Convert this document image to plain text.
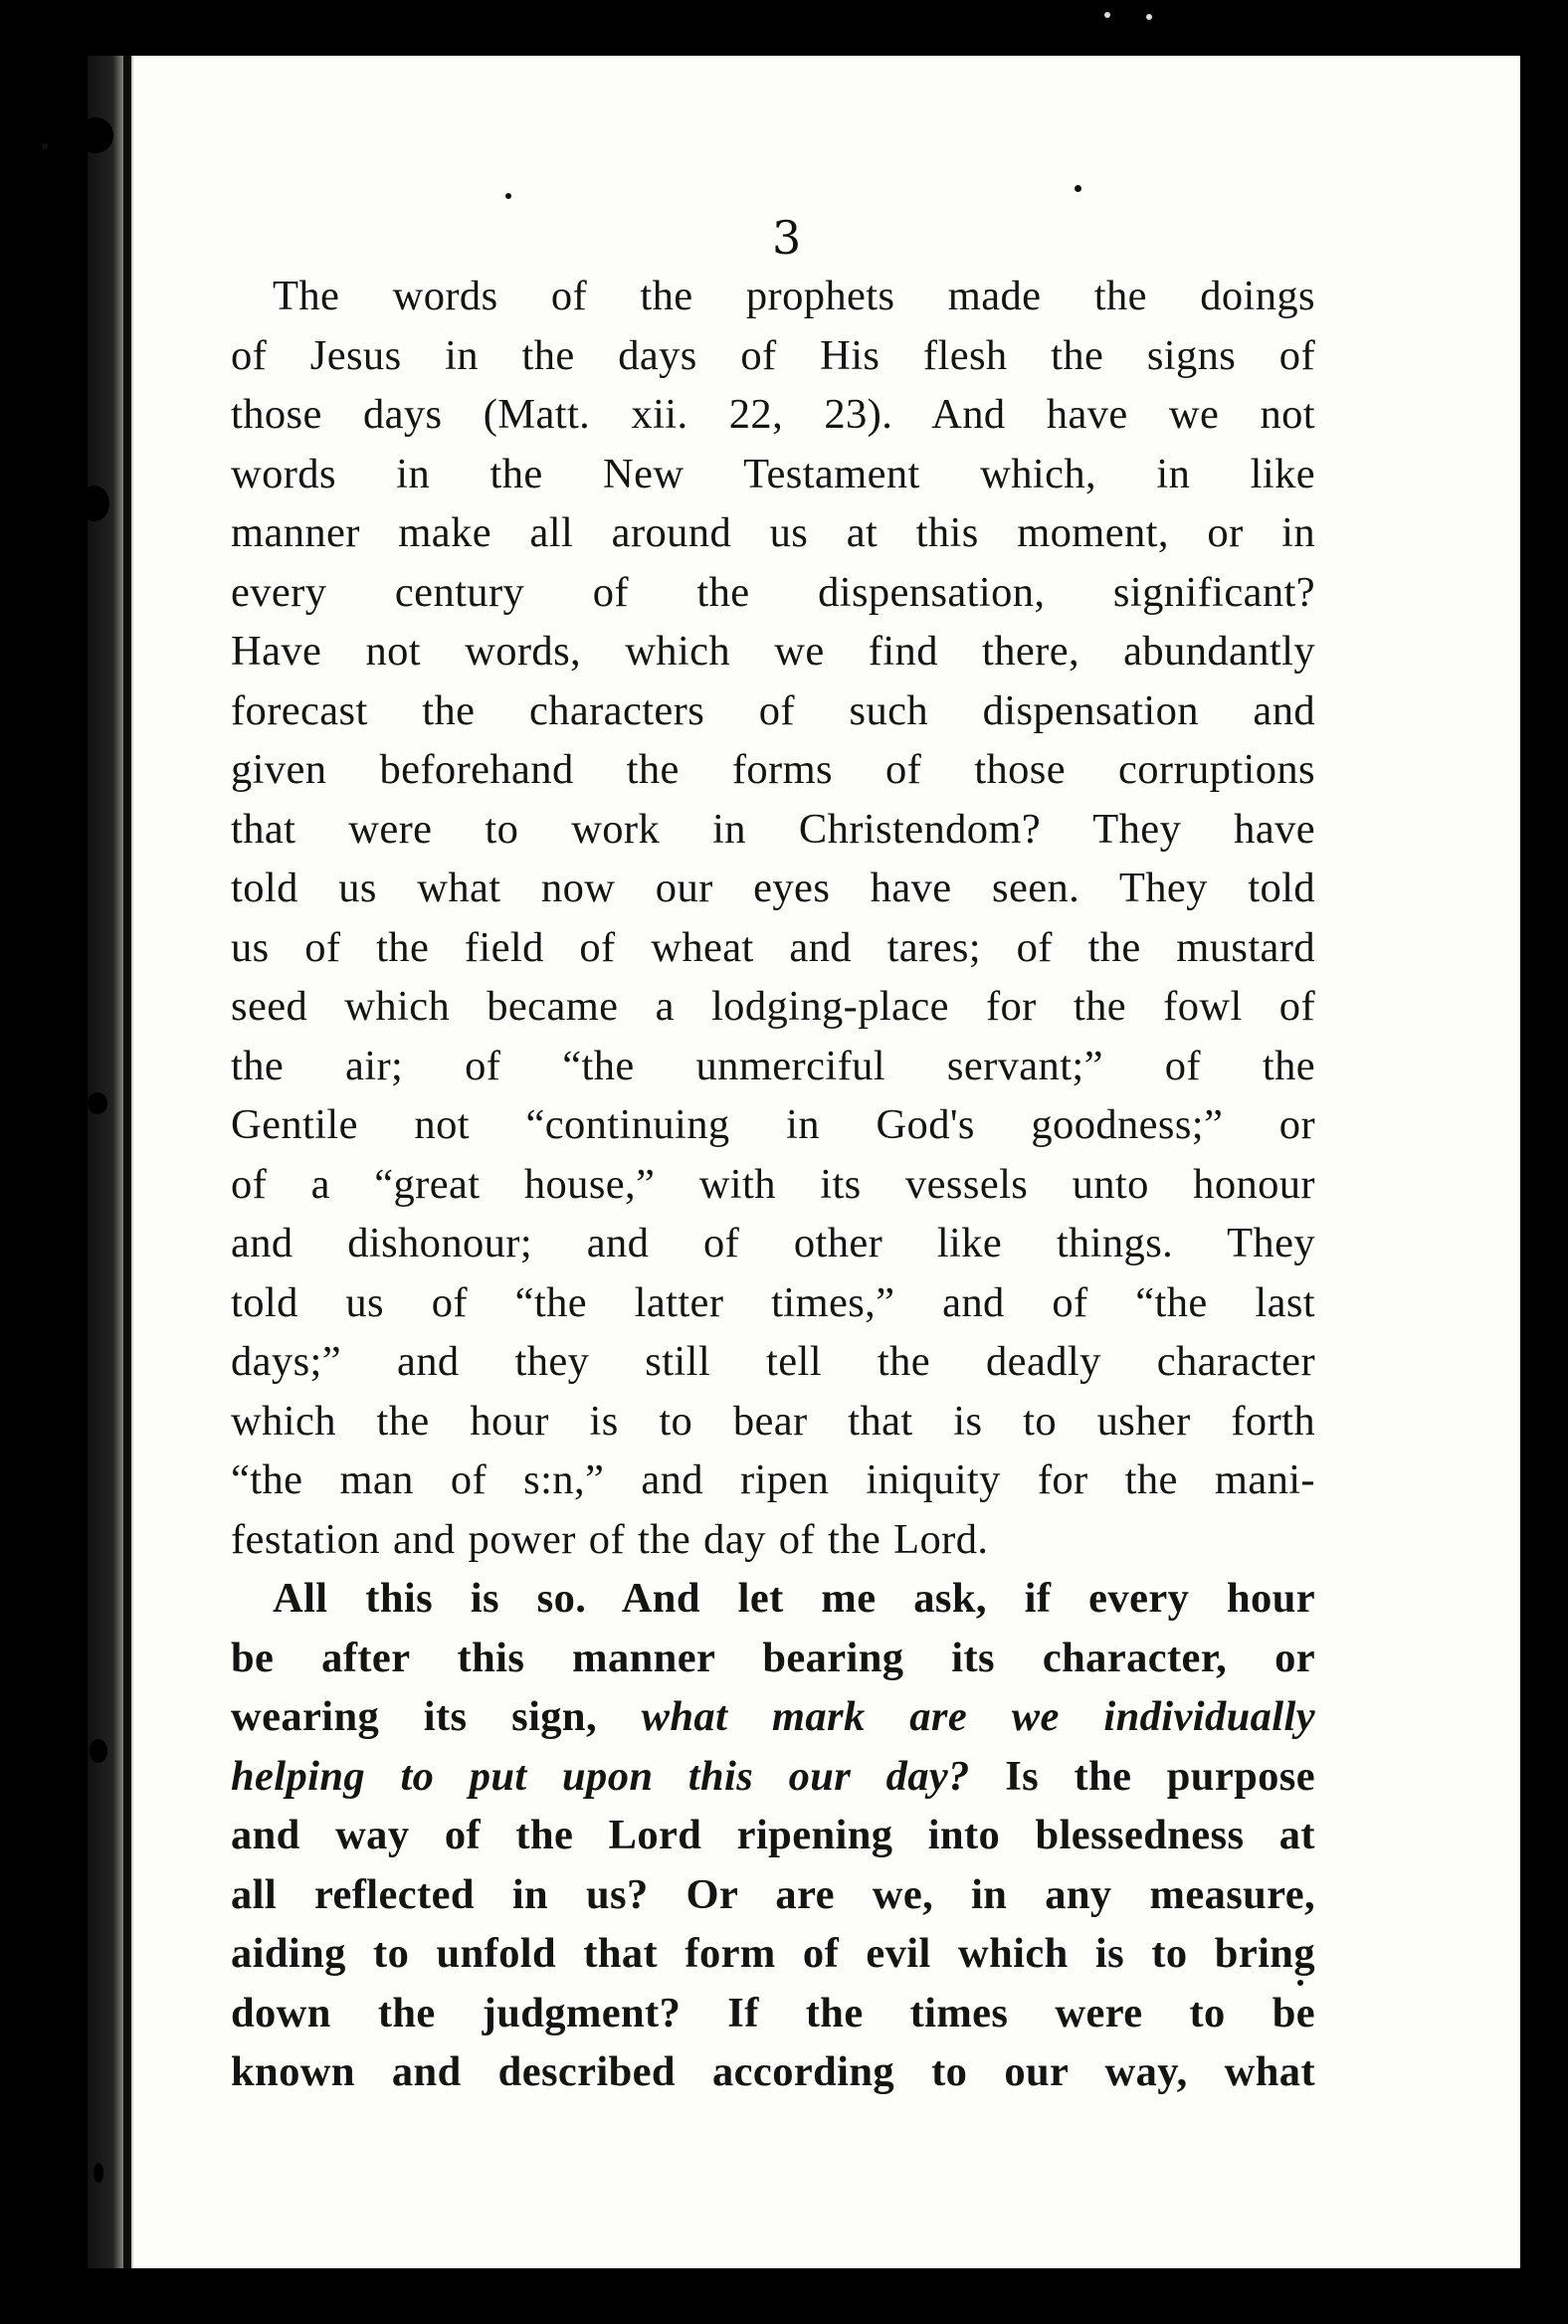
3
The words of the prophets made the doings
of Jesus in the days of His flesh the signs of
those days (Matt. xii. 22, 23). And have we not
words in the New Testament which, in like
manner make all around us at this moment, or in
every century of the dispensation, significant?
Have not words, which we find there, abundantly
forecast the characters of such dispensation and
given beforehand the forms of those corruptions
that were to work in Christendom? They have
told us what now our eyes have seen. They told
us of the field of wheat and tares; of the mustard
seed which became a lodging-place for the fowl of
the air; of “the unmerciful servant;” of the
Gentile not “continuing in God's goodness;” or
of a “great house,” with its vessels unto honour
and dishonour; and of other like things. They
told us of “the latter times,” and of “the last
days;” and they still tell the deadly character
which the hour is to bear that is to usher forth
“the man of s:n,” and ripen iniquity for the mani-
festation and power of the day of the Lord.
All this is so. And let me ask, if every hour
be after this manner bearing its character, or
wearing its sign, what mark are we individually
helping to put upon this our day? Is the purpose
and way of the Lord ripening into blessedness at
all reflected in us? Or are we, in any measure,
aiding to unfold that form of evil which is to bring
down the judgment? If the times were to be
known and described according to our way, what
